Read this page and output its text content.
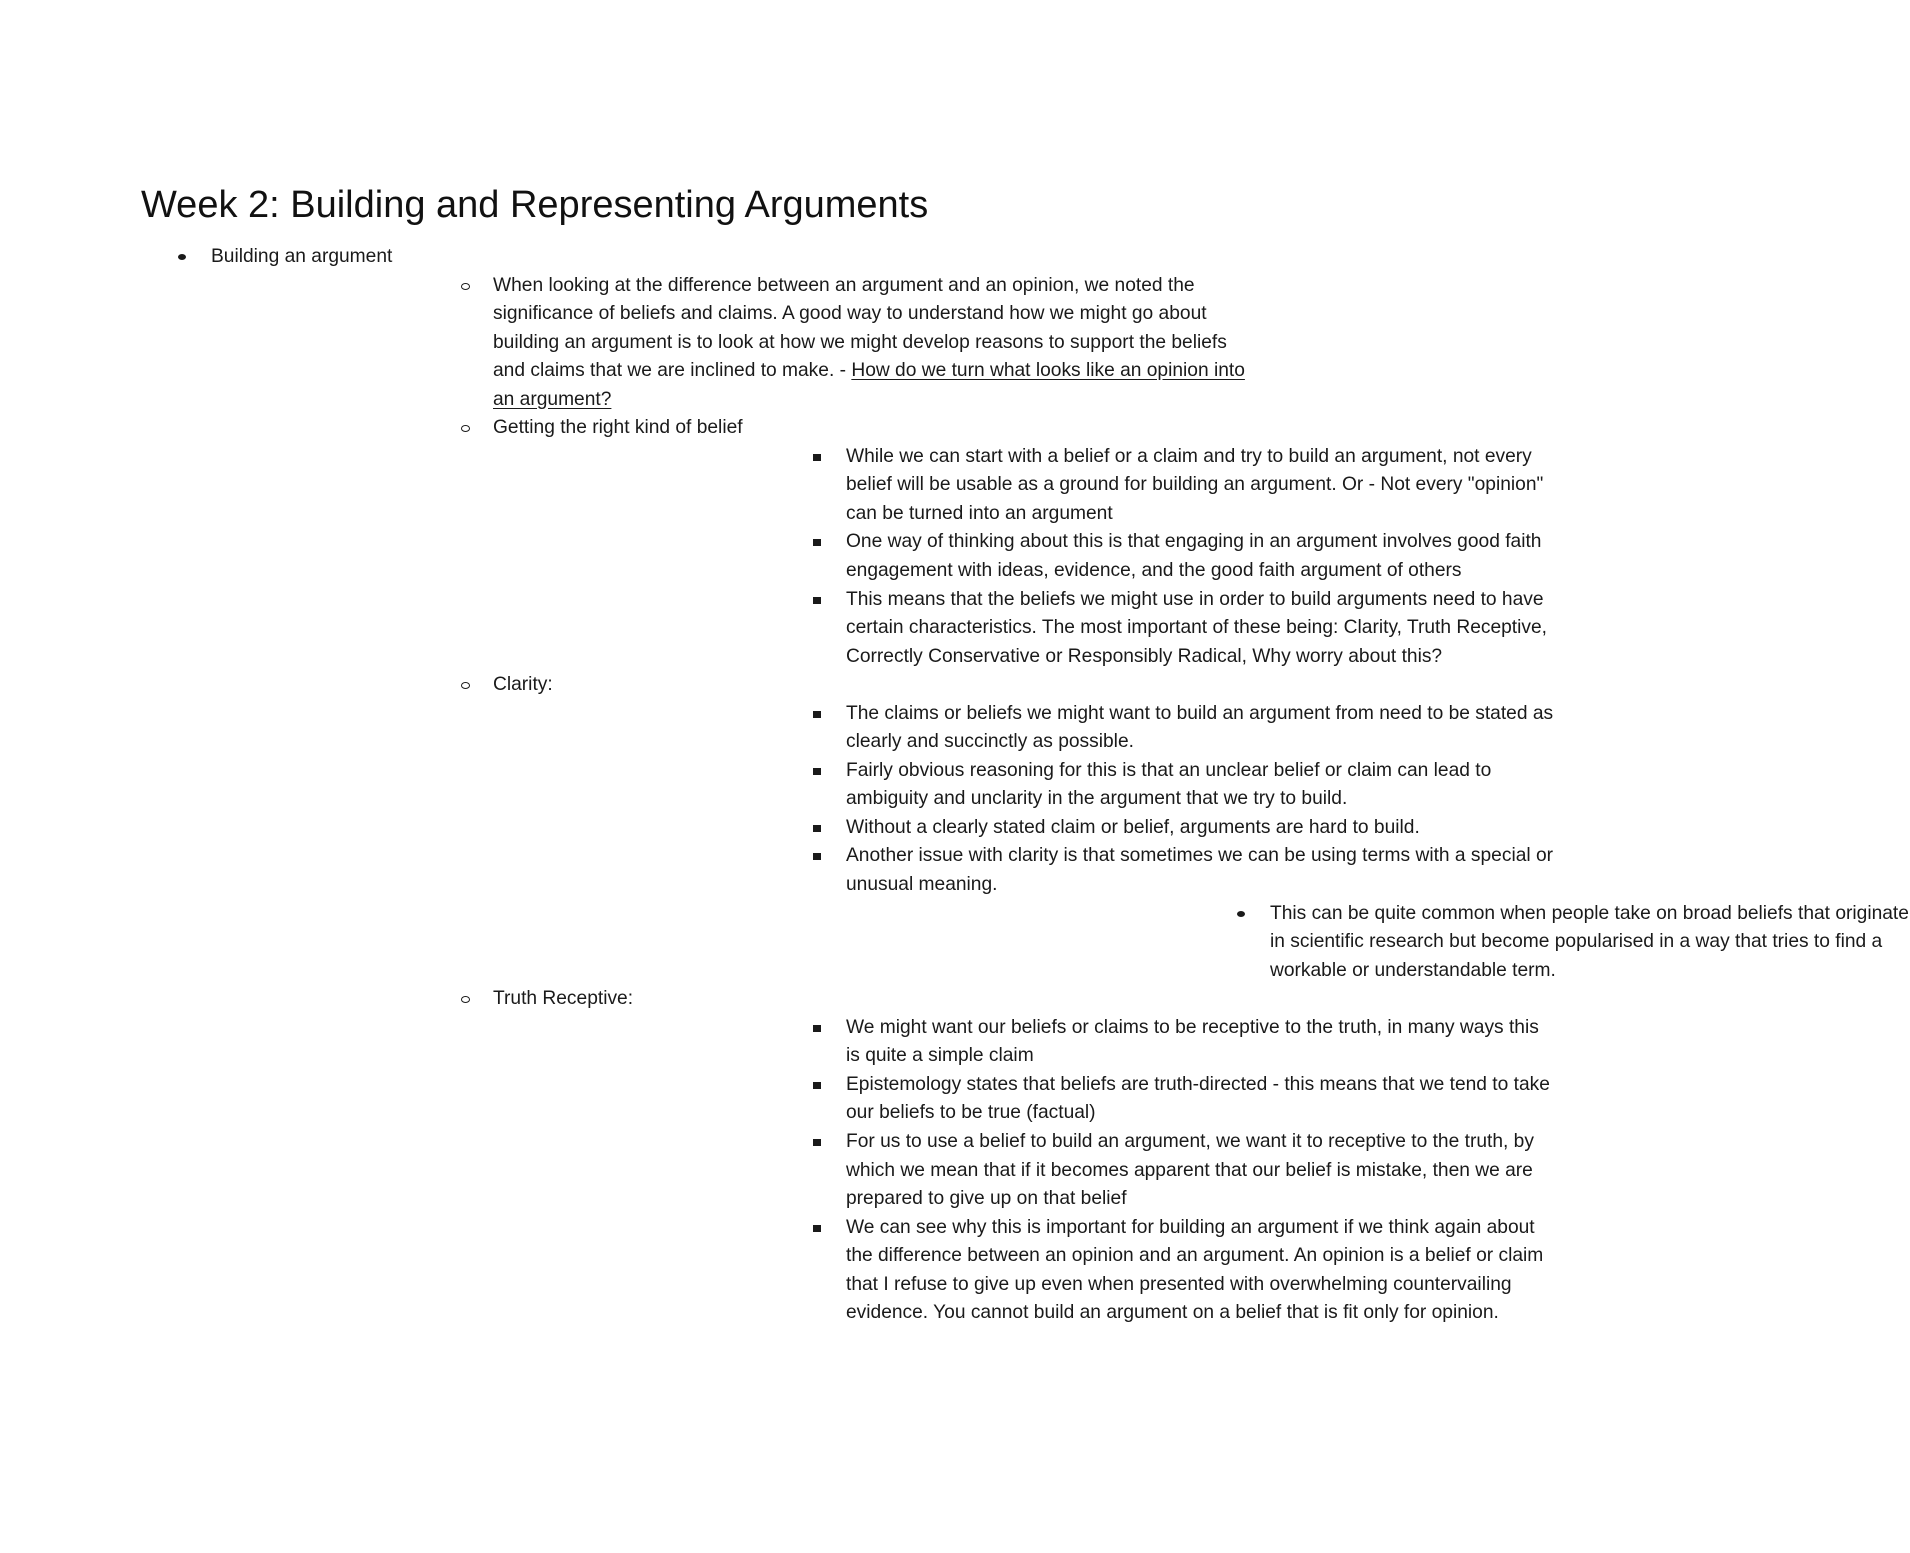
Week 2: Building and Representing Arguments
Building an argument
When looking at the difference between an argument and an opinion, we noted the significance of beliefs and claims. A good way to understand how we might go about building an argument is to look at how we might develop reasons to support the beliefs and claims that we are inclined to make. - How do we turn what looks like an opinion into an argument?
Getting the right kind of belief
While we can start with a belief or a claim and try to build an argument, not every belief will be usable as a ground for building an argument. Or - Not every "opinion" can be turned into an argument
One way of thinking about this is that engaging in an argument involves good faith engagement with ideas, evidence, and the good faith argument of others
This means that the beliefs we might use in order to build arguments need to have certain characteristics. The most important of these being: Clarity, Truth Receptive, Correctly Conservative or Responsibly Radical, Why worry about this?
Clarity:
The claims or beliefs we might want to build an argument from need to be stated as clearly and succinctly as possible.
Fairly obvious reasoning for this is that an unclear belief or claim can lead to ambiguity and unclarity in the argument that we try to build.
Without a clearly stated claim or belief, arguments are hard to build.
Another issue with clarity is that sometimes we can be using terms with a special or unusual meaning.
This can be quite common when people take on broad beliefs that originate in scientific research but become popularised in a way that tries to find a workable or understandable term.
Truth Receptive:
We might want our beliefs or claims to be receptive to the truth, in many ways this is quite a simple claim
Epistemology states that beliefs are truth-directed - this means that we tend to take our beliefs to be true (factual)
For us to use a belief to build an argument, we want it to receptive to the truth, by which we mean that if it becomes apparent that our belief is mistake, then we are prepared to give up on that belief
We can see why this is important for building an argument if we think again about the difference between an opinion and an argument. An opinion is a belief or claim that I refuse to give up even when presented with overwhelming countervailing evidence. You cannot build an argument on a belief that is fit only for opinion.
